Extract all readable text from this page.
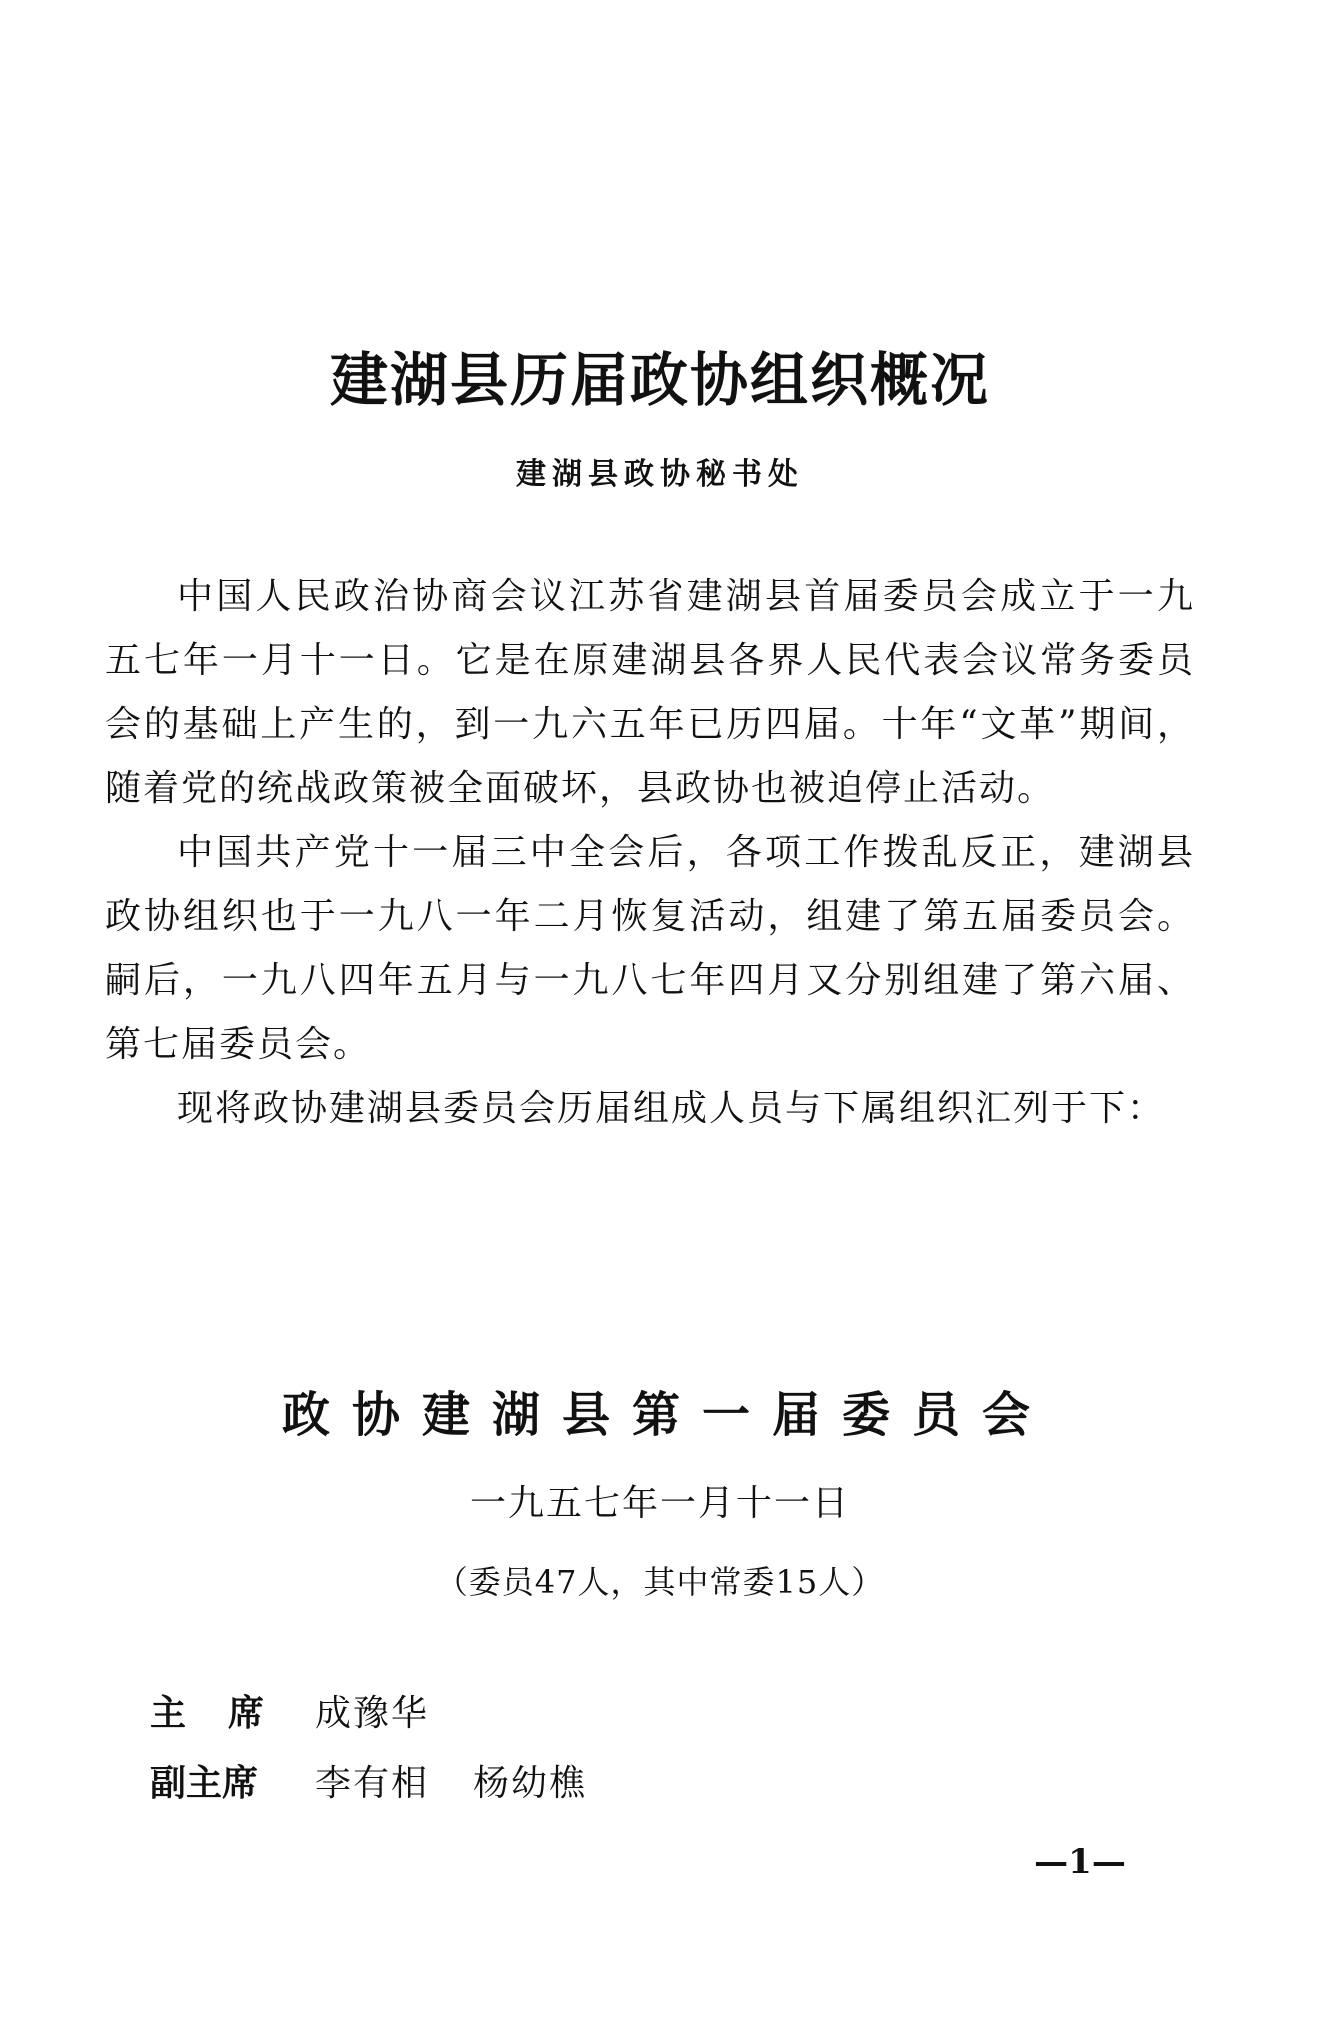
建湖县历届政协组织概况
建湖县政协秘书处

中国人民政治协商会议江苏省建湖县首届委员会成立于一九五七年一月十一日。它是在原建湖县各界人民代表会议常务委员会的基础上产生的，到一九六五年已历四届。十年“文革”期间，随着党的统战政策被全面破坏，县政协也被迫停止活动。

中国共产党十一届三中全会后，各项工作拨乱反正，建湖县政协组织也于一九八一年二月恢复活动，组建了第五届委员会。嗣后，一九八四年五月与一九八七年四月又分别组建了第六届、第七届委员会。

现将政协建湖县委员会历届组成人员与下属组织汇列于下：

政协建湖县第一届委员会
一九五七年一月十一日
（委员47人，其中常委15人）
主席 成豫华
副主席	李有相 杨幼樵
—1—
